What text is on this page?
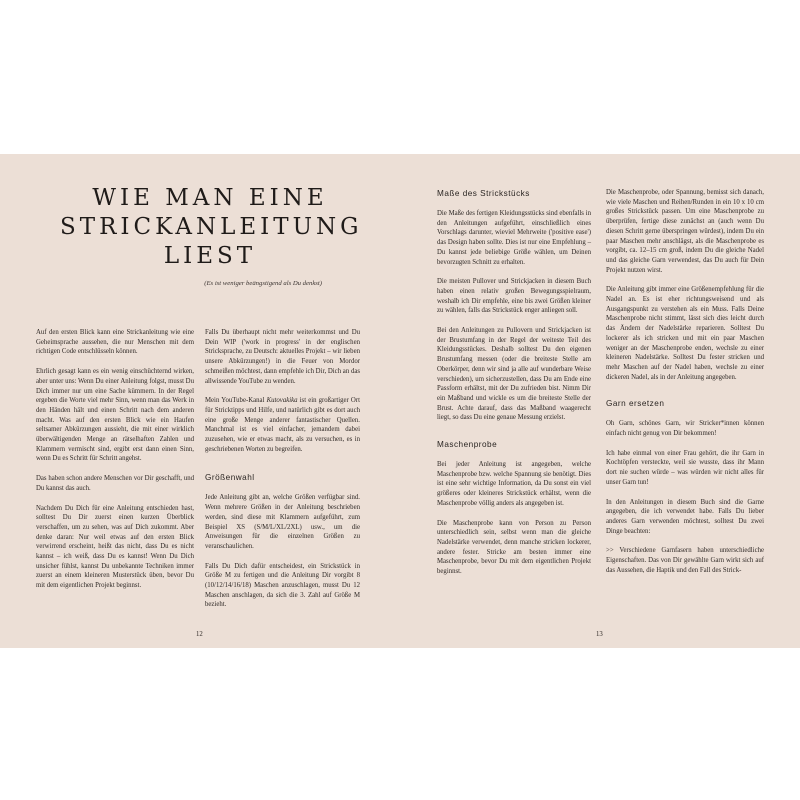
WIE MAN EINE
STRICKANLEITUNG
LIEST

(Es ist weniger beängstigend als Du denkst)

Auf den ersten Blick kann eine Strickanleitung wie eine Geheimsprache aussehen, die nur Menschen mit dem richtigen Code entschlüsseln können.

Ehrlich gesagt kann es ein wenig einschüchternd wirken, aber unter uns: Wenn Du einer Anleitung folgst, musst Du Dich immer nur um eine Sache kümmern. In der Regel ergeben die Worte viel mehr Sinn, wenn man das Werk in den Händen hält und einen Schritt nach dem anderen macht. Was auf den ersten Blick wie ein Haufen seltsamer Abkürzungen aussieht, die mit einer wirklich überwältigenden Menge an rätselhaften Zahlen und Klammern vermischt sind, ergibt erst dann einen Sinn, wenn Du es Schritt für Schritt angehst.

Das haben schon andere Menschen vor Dir geschafft, und Du kannst das auch.

Nachdem Du Dich für eine Anleitung entschieden hast, solltest Du Dir zuerst einen kurzen Überblick verschaffen, um zu sehen, was auf Dich zukommt. Aber denke daran: Nur weil etwas auf den ersten Blick verwirrend erscheint, heißt das nicht, dass Du es nicht kannst – ich weiß, dass Du es kannst! Wenn Du Dich unsicher fühlst, kannst Du unbekannte Techniken immer zuerst an einem kleineren Musterstück üben, bevor Du mit dem eigentlichen Projekt beginnst.

Falls Du überhaupt nicht mehr weiterkommst und Du Dein WIP ('work in progress' in der englischen Stricksprache, zu Deutsch: aktuelles Projekt – wir lieben unsere Abkürzungen!) in die Feuer von Mordor schmeißen möchtest, dann empfehle ich Dir, Dich an das allwissende YouTube zu wenden.

Mein YouTube-Kanal Kutovakika ist ein großartiger Ort für Stricktipps und Hilfe, und natürlich gibt es dort auch eine große Menge anderer fantastischer Quellen. Manchmal ist es viel einfacher, jemandem dabei zuzusehen, wie er etwas macht, als zu versuchen, es in geschriebenen Worten zu begreifen.

Größenwahl

Jede Anleitung gibt an, welche Größen verfügbar sind. Wenn mehrere Größen in der Anleitung beschrieben werden, sind diese mit Klammern aufgeführt, zum Beispiel XS (S/M/L/XL/2XL) usw., um die Anweisungen für die einzelnen Größen zu veranschaulichen.

Falls Du Dich dafür entscheidest, ein Strickstück in Größe M zu fertigen und die Anleitung Dir vorgibt 8 (10/12/14/16/18) Maschen anzuschlagen, musst Du 12 Maschen anschlagen, da sich die 3. Zahl auf Größe M bezieht.

12
Maße des Strickstücks

Die Maße des fertigen Kleidungsstücks sind ebenfalls in den Anleitungen aufgeführt, einschließlich eines Vorschlags darunter, wieviel Mehrweite ('positive ease') das Design haben sollte. Dies ist nur eine Empfehlung – Du kannst jede beliebige Größe wählen, um Deinen bevorzugten Schnitt zu erhalten.

Die meisten Pullover und Strickjacken in diesem Buch haben einen relativ großen Bewegungsspielraum, weshalb ich Dir empfehle, eine bis zwei Größen kleiner zu wählen, falls das Strickstück enger anliegen soll.

Bei den Anleitungen zu Pullovern und Strickjacken ist der Brustumfang in der Regel der weiteste Teil des Kleidungsstückes. Deshalb solltest Du den eigenen Brustumfang messen (oder die breiteste Stelle am Oberkörper, denn wir sind ja alle auf wunderbare Weise verschieden), um sicherzustellen, dass Du am Ende eine Passform erhältst, mit der Du zufrieden bist. Nimm Dir ein Maßband und wickle es um die breiteste Stelle der Brust. Achte darauf, dass das Maßband waagerecht liegt, so dass Du eine genaue Messung erzielst.

Maschenprobe

Bei jeder Anleitung ist angegeben, welche Maschenprobe bzw. welche Spannung sie benötigt. Dies ist eine sehr wichtige Information, da Du sonst ein viel größeres oder kleineres Strickstück erhältst, wenn die Maschenprobe völlig anders als angegeben ist.

Die Maschenprobe kann von Person zu Person unterschiedlich sein, selbst wenn man die gleiche Nadelstärke verwendet, denn manche stricken lockerer, andere fester. Stricke am besten immer eine Maschenprobe, bevor Du mit dem eigentlichen Projekt beginnst.

Die Maschenprobe, oder Spannung, bemisst sich danach, wie viele Maschen und Reihen/Runden in ein 10 x 10 cm großes Strickstück passen. Um eine Maschenprobe zu überprüfen, fertige diese zunächst an (auch wenn Du diesen Schritt gerne überspringen würdest), indem Du ein paar Maschen mehr anschlägst, als die Maschenprobe es vorgibt, ca. 12–15 cm groß, indem Du die gleiche Nadel und das gleiche Garn verwendest, das Du auch für Dein Projekt nutzen wirst.

Die Anleitung gibt immer eine Größenempfehlung für die Nadel an. Es ist eher richtungsweisend und als Ausgangspunkt zu verstehen als ein Muss. Falls Deine Maschenprobe nicht stimmt, lässt sich dies leicht durch das Ändern der Nadelstärke reparieren. Solltest Du lockerer als ich stricken und mit ein paar Maschen weniger an der Maschenprobe enden, wechsle zu einer kleineren Nadelstärke. Solltest Du fester stricken und mehr Maschen auf der Nadel haben, wechsle zu einer dickeren Nadel, als in der Anleitung angegeben.

Garn ersetzen

Oh Garn, schönes Garn, wir Stricker*innen können einfach nicht genug von Dir bekommen!

Ich habe einmal von einer Frau gehört, die ihr Garn in Kochtöpfen versteckte, weil sie wusste, dass ihr Mann dort nie suchen würde – was würden wir nicht alles für unser Garn tun!

In den Anleitungen in diesem Buch sind die Garne angegeben, die ich verwendet habe. Falls Du lieber anderes Garn verwenden möchtest, solltest Du zwei Dinge beachten:

>> Verschiedene Garnfasern haben unterschiedliche Eigenschaften. Das von Dir gewählte Garn wirkt sich auf das Aussehen, die Haptik und den Fall des Strick-

13
